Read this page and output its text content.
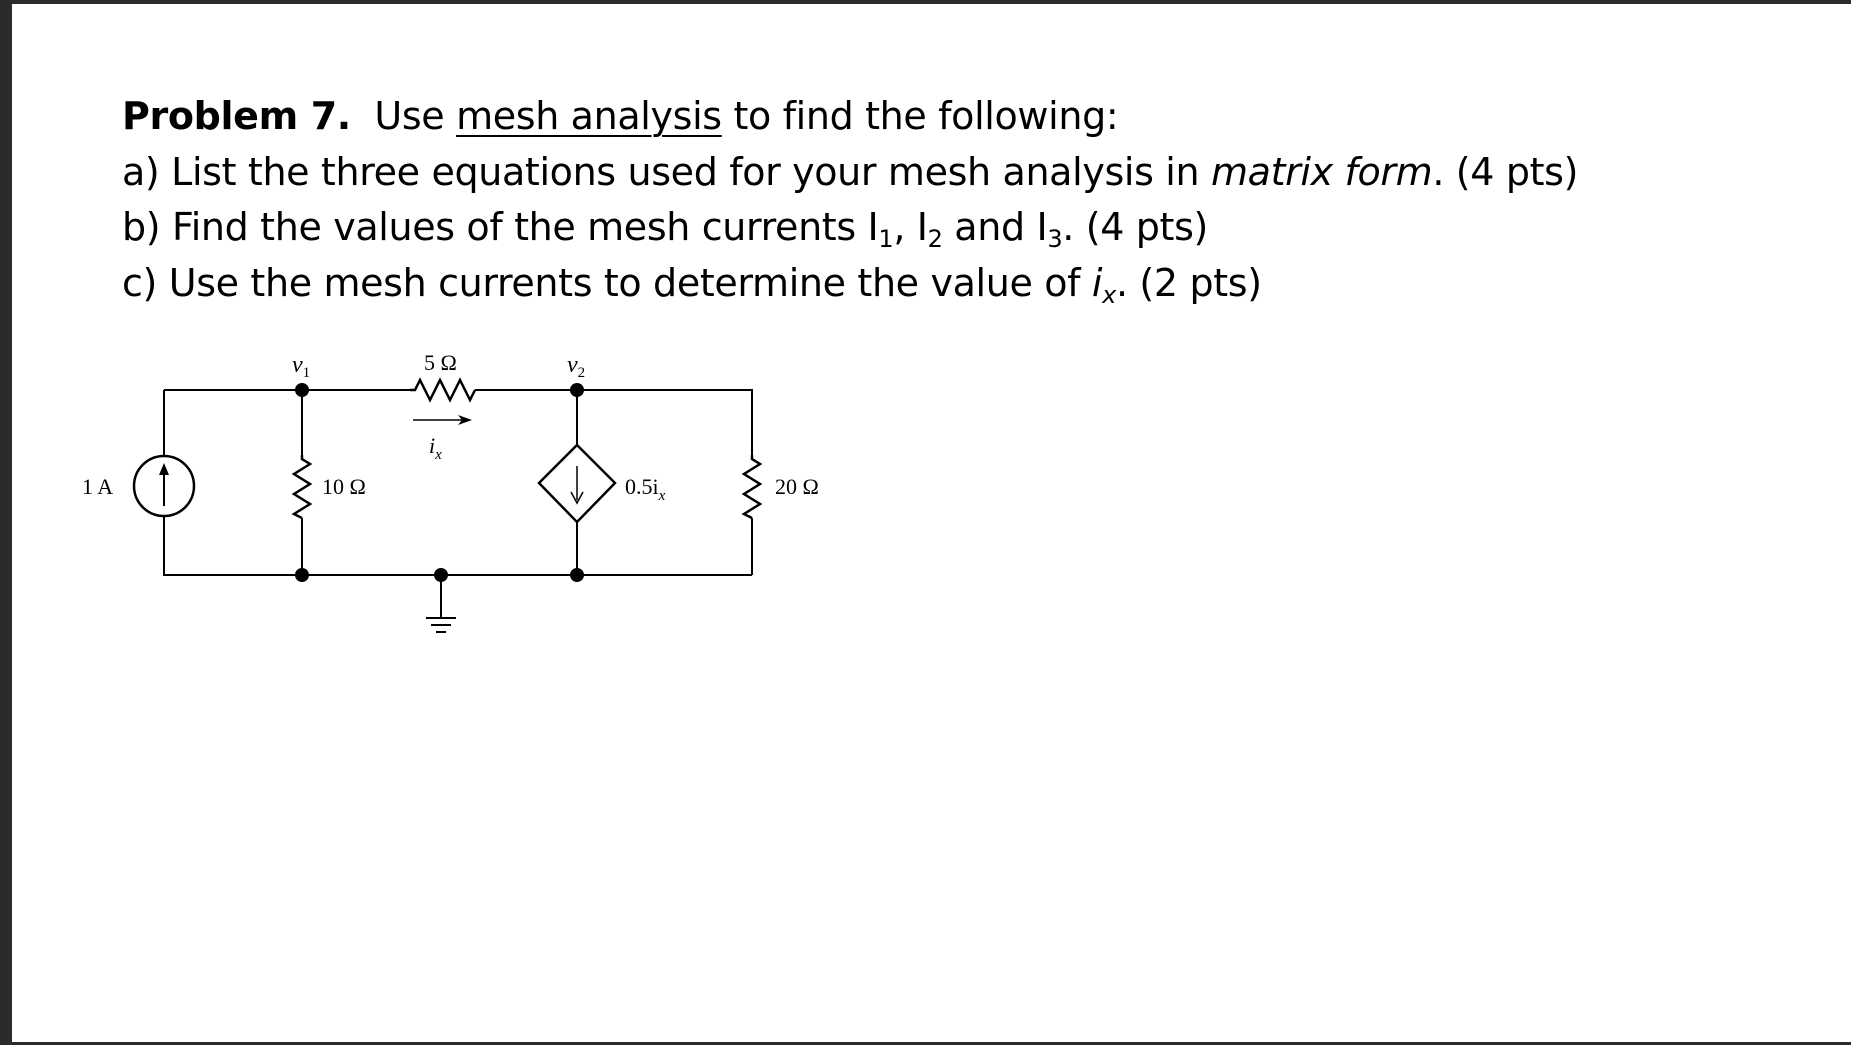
Problem 7. Use mesh analysis to find the following:
a) List the three equations used for your mesh analysis in matrix form. (4 pts)
b) Find the values of the mesh currents $I_1$, $I_2$ and $I_3$. (4 pts)
c) Use the mesh currents to determine the value of $i_x$. (2 pts)
1 A	10 Ω
5 Ω
$i_x$
$0.5i_x$	20 Ω
$v_1$	$v_2$
